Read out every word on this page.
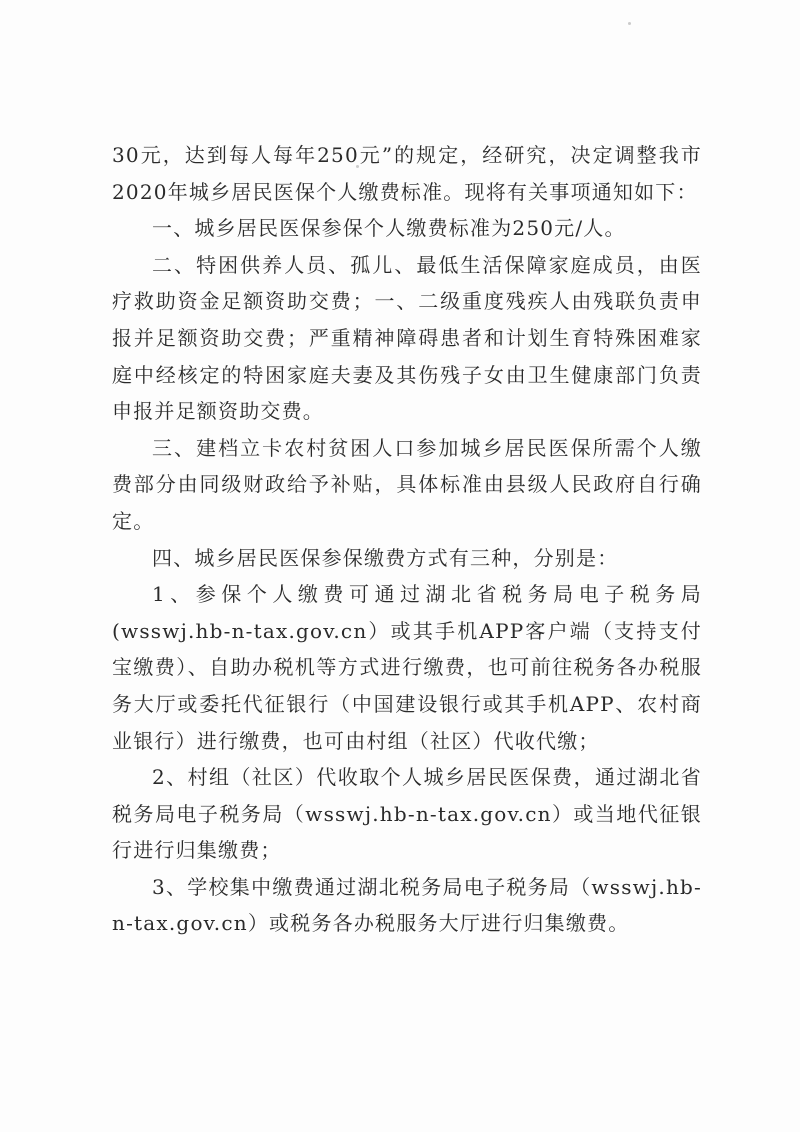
30元，达到每人每年250元”的规定，经研究，决定调整我市2020年城乡居民医保个人缴费标准。现将有关事项通知如下：

一、城乡居民医保参保个人缴费标准为250元/人。

二、特困供养人员、孤儿、最低生活保障家庭成员，由医疗救助资金足额资助交费；一、二级重度残疾人由残联负责申报并足额资助交费；严重精神障碍患者和计划生育特殊困难家庭中经核定的特困家庭夫妻及其伤残子女由卫生健康部门负责申报并足额资助交费。

三、建档立卡农村贫困人口参加城乡居民医保所需个人缴费部分由同级财政给予补贴，具体标准由县级人民政府自行确定。

四、城乡居民医保参保缴费方式有三种，分别是：

1、参保个人缴费可通过湖北省税务局电子税务局(wsswj.hb-n-tax.gov.cn）或其手机APP客户端（支持支付宝缴费）、自助办税机等方式进行缴费，也可前往税务各办税服务大厅或委托代征银行（中国建设银行或其手机APP、农村商业银行）进行缴费，也可由村组（社区）代收代缴；

2、村组（社区）代收取个人城乡居民医保费，通过湖北省税务局电子税务局（wsswj.hb-n-tax.gov.cn）或当地代征银行进行归集缴费；

3、学校集中缴费通过湖北税务局电子税务局（wsswj.hb-n-tax.gov.cn）或税务各办税服务大厅进行归集缴费。
